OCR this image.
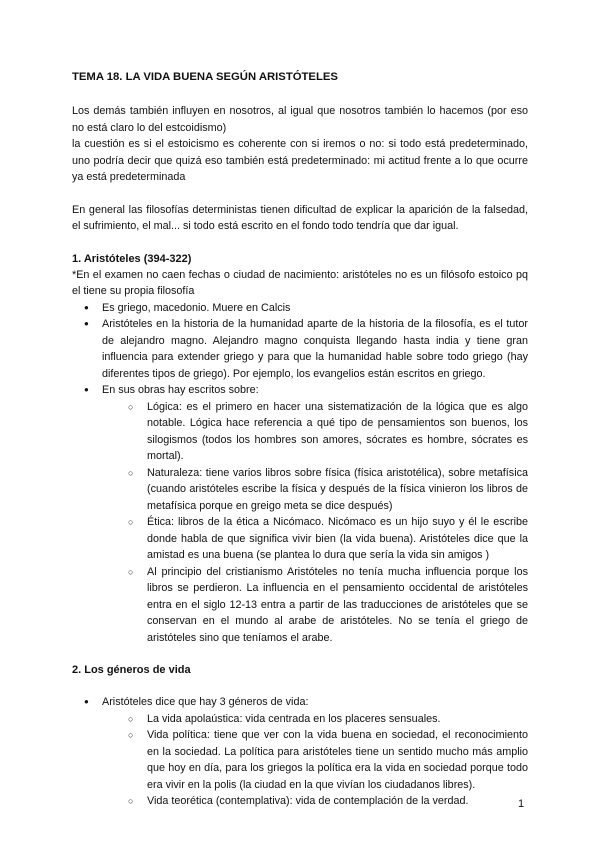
TEMA 18. LA VIDA BUENA SEGÚN ARISTÓTELES

Los demás también influyen en nosotros, al igual que nosotros también lo hacemos (por eso no está claro lo del estcoidismo)

la cuestión es si el estoicismo es coherente con si iremos o no: si todo está predeterminado, uno podría decir que quizá eso también está predeterminado: mi actitud frente a lo que ocurre ya está predeterminada

En general las filosofías deterministas tienen dificultad de explicar la aparición de la falsedad, el sufrimiento, el mal... si todo está escrito en el fondo todo tendría que dar igual.

1. Aristóteles (394-322)

*En el examen no caen fechas o ciudad de nacimiento: aristóteles no es un filósofo estoico pq el tiene su propia filosofía

● Es griego, macedonio. Muere en Calcis
● Aristóteles en la historia de la humanidad aparte de la historia de la filosofía, es el tutor de alejandro magno. Alejandro magno conquista llegando hasta india y tiene gran influencia para extender griego y para que la humanidad hable sobre todo griego (hay diferentes tipos de griego). Por ejemplo, los evangelios están escritos en griego.
● En sus obras hay escritos sobre:
○ Lógica: es el primero en hacer una sistematización de la lógica que es algo notable. Lógica hace referencia a qué tipo de pensamientos son buenos, los silogismos (todos los hombres son amores, sócrates es hombre, sócrates es mortal).
○ Naturaleza: tiene varios libros sobre física (física aristotélica), sobre metafísica (cuando aristóteles escribe la física y después de la física vinieron los libros de metafísica porque en greigo meta se dice después)
○ Ética: libros de la ética a Nicómaco. Nicómaco es un hijo suyo y él le escribe donde habla de que significa vivir bien (la vida buena). Aristóteles dice que la amistad es una buena (se plantea lo dura que sería la vida sin amigos )
○ Al principio del cristianismo Aristóteles no tenía mucha influencia porque los libros se perdieron. La influencia en el pensamiento occidental de aristóteles entra en el siglo 12-13 entra a partir de las traducciones de aristóteles que se conservan en el mundo al arabe de aristóteles. No se tenía el griego de aristóteles sino que teníamos el arabe.
2. Los géneros de vida
● Aristóteles dice que hay 3 géneros de vida:
○ La vida apolaústica: vida centrada en los placeres sensuales.
○ Vida política: tiene que ver con la vida buena en sociedad, el reconocimiento en la sociedad. La política para aristóteles tiene un sentido mucho más amplio que hoy en día, para los griegos la política era la vida en sociedad porque todo era vivir en la polis (la ciudad en la que vivían los ciudadanos libres).
○ Vida teorética (contemplativa): vida de contemplación de la verdad.	1
